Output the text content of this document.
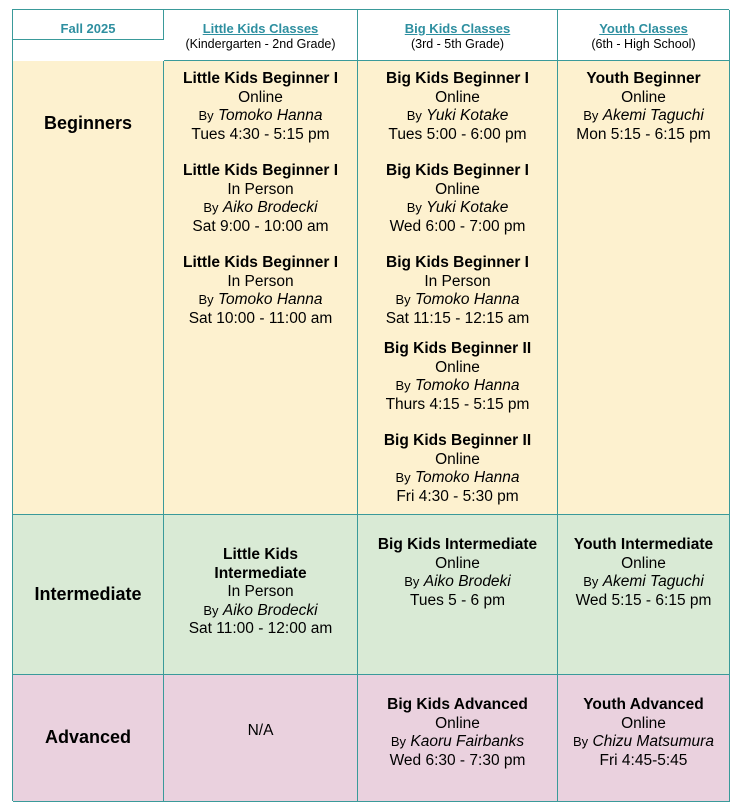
Fall 2025	Little Kids Classes
(Kindergarten - 2nd Grade)
Big Kids Classes
(3rd - 5th Grade)
Youth Classes
(6th - High School)
Beginners
Little Kids Beginner I
Online
By Tomoko Hanna
Tues 4:30 - 5:15 pm
Little Kids Beginner I
In Person
By Aiko Brodecki
Sat 9:00 - 10:00 am
Little Kids Beginner I
In Person
By Tomoko Hanna
Sat 10:00 - 11:00 am
Big Kids Beginner I
Online
By Yuki Kotake
Tues 5:00 - 6:00 pm
Big Kids Beginner I
Online
By Yuki Kotake
Wed 6:00 - 7:00 pm
Big Kids Beginner I
In Person
By Tomoko Hanna
Sat 11:15 - 12:15 am
Big Kids Beginner II
Online
By Tomoko Hanna
Thurs 4:15 - 5:15 pm
Big Kids Beginner II
Online
By Tomoko Hanna
Fri 4:30 - 5:30 pm
Youth Beginner
Online
By Akemi Taguchi
Mon 5:15 - 6:15 pm
Intermediate
Little Kids Intermediate
In Person
By Aiko Brodecki
Sat 11:00 - 12:00 am
Big Kids Intermediate
Online
By Aiko Brodeki
Tues 5 - 6 pm
Youth Intermediate
Online
By Akemi Taguchi
Wed 5:15 - 6:15 pm
Advanced	N/A
Big Kids Advanced
Online
By Kaoru Fairbanks
Wed 6:30 - 7:30 pm
Youth Advanced
Online
By Chizu Matsumura
Fri 4:45-5:45
